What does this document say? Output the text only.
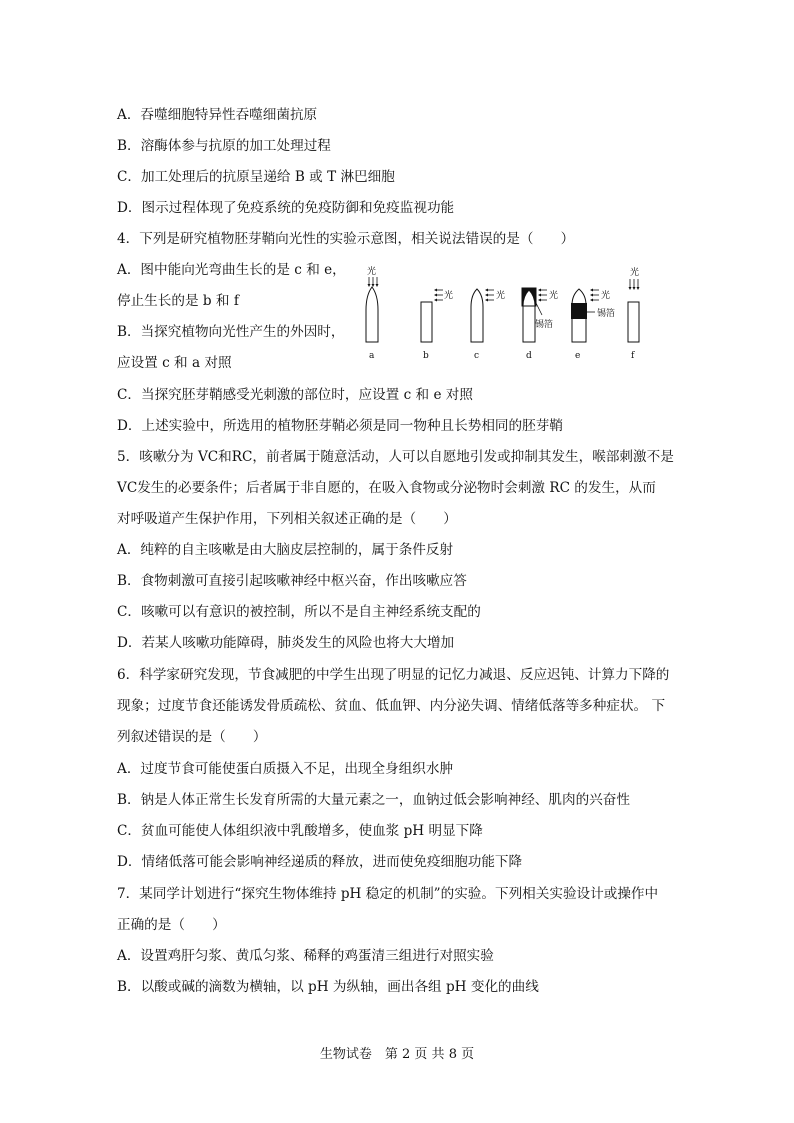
A．吞噬细胞特异性吞噬细菌抗原
B．溶酶体参与抗原的加工处理过程
C．加工处理后的抗原呈递给 B 或 T 淋巴细胞
D．图示过程体现了免疫系统的免疫防御和免疫监视功能
4．下列是研究植物胚芽鞘向光性的实验示意图，相关说法错误的是（　　）
A．图中能向光弯曲生长的是 c 和 e，
停止生长的是 b 和 f
B．当探究植物向光性产生的外因时，
应设置 c 和 a 对照
光
a
光
b
光
c
光
锡箔
d
光
锡箔
e
光
f
C．当探究胚芽鞘感受光刺激的部位时，应设置 c 和 e 对照
D．上述实验中，所选用的植物胚芽鞘必须是同一物种且长势相同的胚芽鞘
5．咳嗽分为 VC和RC，前者属于随意活动，人可以自愿地引发或抑制其发生，喉部刺激不是
VC发生的必要条件；后者属于非自愿的，在吸入食物或分泌物时会刺激 RC 的发生，从而
对呼吸道产生保护作用，下列相关叙述正确的是（　　）
A．纯粹的自主咳嗽是由大脑皮层控制的，属于条件反射
B．食物刺激可直接引起咳嗽神经中枢兴奋，作出咳嗽应答
C．咳嗽可以有意识的被控制，所以不是自主神经系统支配的
D．若某人咳嗽功能障碍，肺炎发生的风险也将大大增加
6．科学家研究发现，节食减肥的中学生出现了明显的记忆力减退、反应迟钝、计算力下降的
现象；过度节食还能诱发骨质疏松、贫血、低血钾、内分泌失调、情绪低落等多种症状。 下
列叙述错误的是（　　）
A．过度节食可能使蛋白质摄入不足，出现全身组织水肿
B．钠是人体正常生长发育所需的大量元素之一，血钠过低会影响神经、肌肉的兴奋性
C．贫血可能使人体组织液中乳酸增多，使血浆 pH 明显下降
D．情绪低落可能会影响神经递质的释放，进而使免疫细胞功能下降
7．某同学计划进行“探究生物体维持 pH 稳定的机制”的实验。下列相关实验设计或操作中
正确的是（　　）
A．设置鸡肝匀浆、黄瓜匀浆、稀释的鸡蛋清三组进行对照实验
B．以酸或碱的滴数为横轴，以 pH 为纵轴，画出各组 pH 变化的曲线
生物试卷　第 2 页 共 8 页
